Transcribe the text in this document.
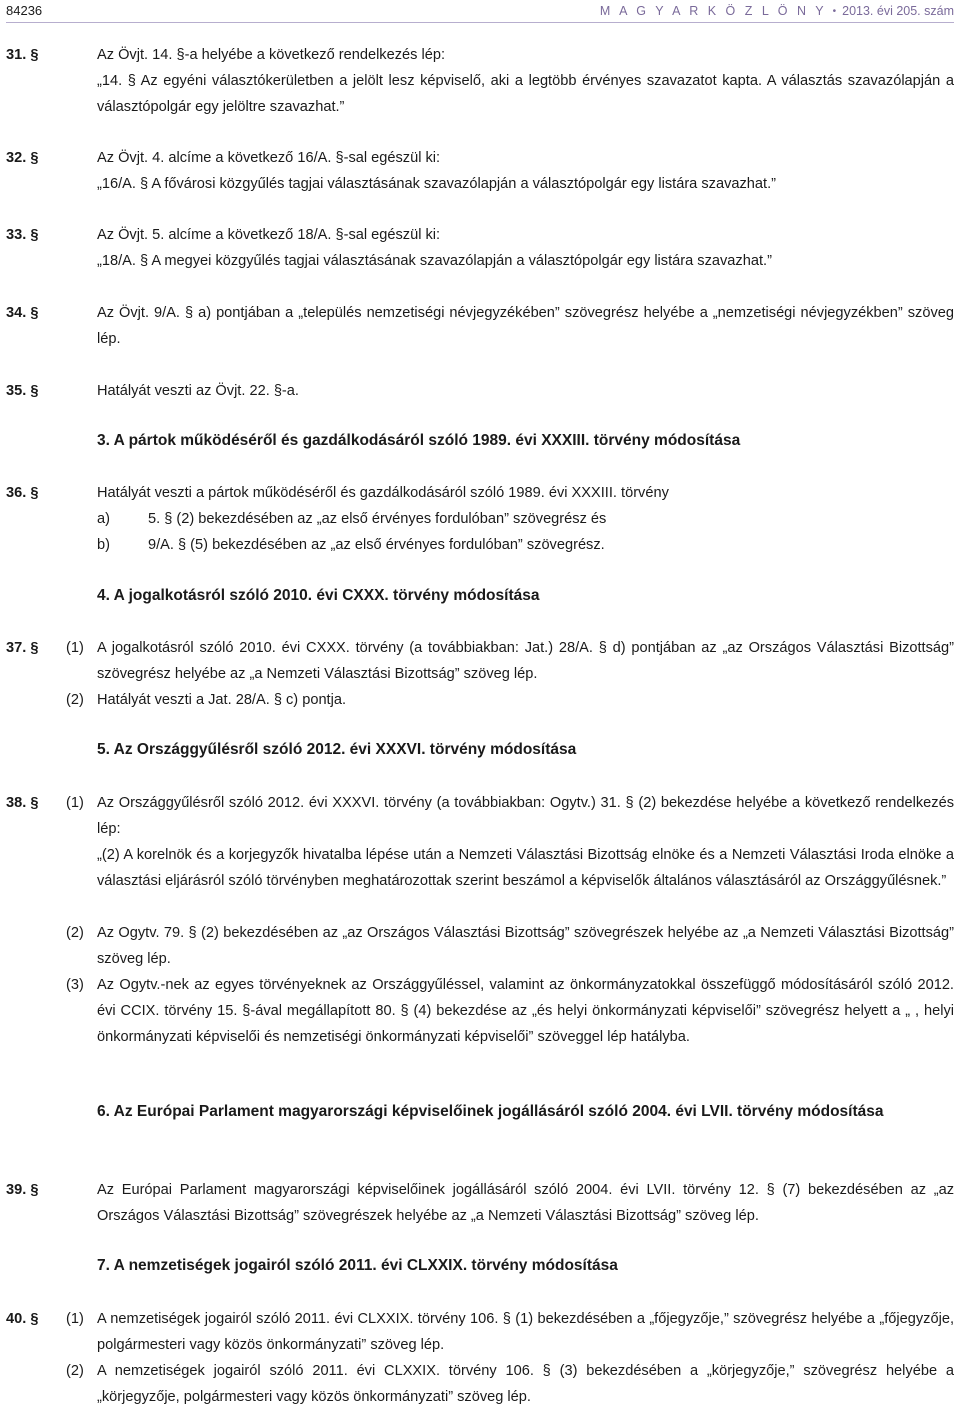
84236	M A G Y A R K Ö Z L Ö N Y • 2013. évi 205. szám
31. §	Az Övjt. 14. §-a helyébe a következő rendelkezés lép:

„14. § Az egyéni választókerületben a jelölt lesz képviselő, aki a legtöbb érvényes szavazatot kapta. A választás szavazólapján a választópolgár egy jelöltre szavazhat.”

32. §	Az Övjt. 4. alcíme a következő 16/A. §-sal egészül ki:

„16/A. § A fővárosi közgyűlés tagjai választásának szavazólapján a választópolgár egy listára szavazhat.”

33. §	Az Övjt. 5. alcíme a következő 18/A. §-sal egészül ki:

„18/A. § A megyei közgyűlés tagjai választásának szavazólapján a választópolgár egy listára szavazhat.”

34. §	Az Övjt. 9/A. § a) pontjában a „település nemzetiségi névjegyzékében” szövegrész helyébe a „nemzetiségi névjegyzékben” szöveg lép.
35. §	Hatályát veszti az Övjt. 22. §-a.
3. A pártok működéséről és gazdálkodásáról szóló 1989. évi XXXIII. törvény módosítása
36. §	Hatályát veszti a pártok működéséről és gazdálkodásáról szóló 1989. évi XXXIII. törvény
a)	5. § (2) bekezdésében az „az első érvényes fordulóban” szövegrész és
b)	9/A. § (5) bekezdésében az „az első érvényes fordulóban” szövegrész.
4. A jogalkotásról szóló 2010. évi CXXX. törvény módosítása
37. § (1) A jogalkotásról szóló 2010. évi CXXX. törvény (a továbbiakban: Jat.) 28/A. § d) pontjában az „az Országos Választási Bizottság” szövegrész helyébe az „a Nemzeti Választási Bizottság” szöveg lép.
(2) Hatályát veszti a Jat. 28/A. § c) pontja.
5. Az Országgyűlésről szóló 2012. évi XXXVI. törvény módosítása
38. § (1) Az Országgyűlésről szóló 2012. évi XXXVI. törvény (a továbbiakban: Ogytv.) 31. § (2) bekezdése helyébe a következő rendelkezés lép:

„(2) A korelnök és a korjegyzők hivatalba lépése után a Nemzeti Választási Bizottság elnöke és a Nemzeti Választási Iroda elnöke a választási eljárásról szóló törvényben meghatározottak szerint beszámol a képviselők általános választásáról az Országgyűlésnek.”

(2) Az Ogytv. 79. § (2) bekezdésében az „az Országos Választási Bizottság” szövegrészek helyébe az „a Nemzeti Választási Bizottság” szöveg lép.
(3) Az Ogytv.-nek az egyes törvényeknek az Országgyűléssel, valamint az önkormányzatokkal összefüggő módosításáról szóló 2012. évi CCIX. törvény 15. §-ával megállapított 80. § (4) bekezdése az „és helyi önkormányzati képviselői” szövegrész helyett a „ , helyi önkormányzati képviselői és nemzetiségi önkormányzati képviselői” szöveggel lép hatályba.
6. Az Európai Parlament magyarországi képviselőinek jogállásáról szóló 2004. évi LVII. törvény módosítása
39. §	Az Európai Parlament magyarországi képviselőinek jogállásáról szóló 2004. évi LVII. törvény 12. § (7) bekezdésében az „az Országos Választási Bizottság” szövegrészek helyébe az „a Nemzeti Választási Bizottság” szöveg lép.
7. A nemzetiségek jogairól szóló 2011. évi CLXXIX. törvény módosítása
40. § (1) A nemzetiségek jogairól szóló 2011. évi CLXXIX. törvény 106. § (1) bekezdésében a „főjegyzője,” szövegrész helyébe a „főjegyzője, polgármesteri vagy közös önkormányzati” szöveg lép.
(2) A nemzetiségek jogairól szóló 2011. évi CLXXIX. törvény 106. § (3) bekezdésében a „körjegyzője,” szövegrész helyébe a „körjegyzője, polgármesteri vagy közös önkormányzati” szöveg lép.
